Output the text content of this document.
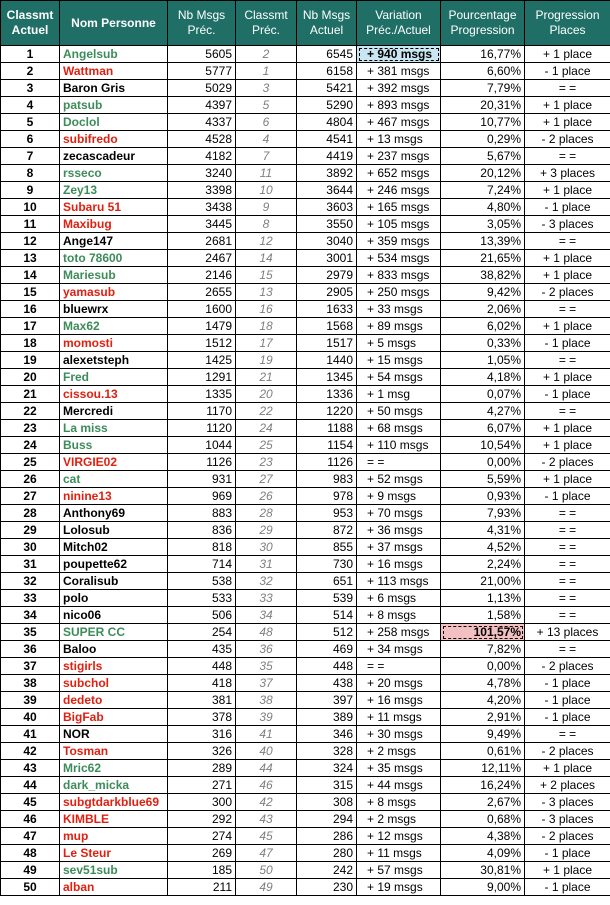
Classmt Actuel	Nom Personne	Nb Msgs Préc.	Classmt Préc.	Nb Msgs Actuel	Variation Préc./Actuel	Pourcentage Progression	Progression Places
1	Angelsub	5605	2	6545	+ 940 msgs	16,77%	+ 1 place
2	Wattman	5777	1	6158	+ 381 msgs	6,60%	- 1 place
3	Baron Gris	5029	3	5421	+ 392 msgs	7,79%	= =
4	patsub	4397	5	5290	+ 893 msgs	20,31%	+ 1 place
5	Doclol	4337	6	4804	+ 467 msgs	10,77%	+ 1 place
6	subifredo	4528	4	4541	+ 13 msgs	0,29%	- 2 places
7	zecascadeur	4182	7	4419	+ 237 msgs	5,67%	= =
8	rsseco	3240	11	3892	+ 652 msgs	20,12%	+ 3 places
9	Zey13	3398	10	3644	+ 246 msgs	7,24%	+ 1 place
10	Subaru 51	3438	9	3603	+ 165 msgs	4,80%	- 1 place
11	Maxibug	3445	8	3550	+ 105 msgs	3,05%	- 3 places
12	Ange147	2681	12	3040	+ 359 msgs	13,39%	= =
13	toto 78600	2467	14	3001	+ 534 msgs	21,65%	+ 1 place
14	Mariesub	2146	15	2979	+ 833 msgs	38,82%	+ 1 place
15	yamasub	2655	13	2905	+ 250 msgs	9,42%	- 2 places
16	bluewrx	1600	16	1633	+ 33 msgs	2,06%	= =
17	Max62	1479	18	1568	+ 89 msgs	6,02%	+ 1 place
18	momosti	1512	17	1517	+ 5 msgs	0,33%	- 1 place
19	alexetsteph	1425	19	1440	+ 15 msgs	1,05%	= =
20	Fred	1291	21	1345	+ 54 msgs	4,18%	+ 1 place
21	cissou.13	1335	20	1336	+ 1 msg	0,07%	- 1 place
22	Mercredi	1170	22	1220	+ 50 msgs	4,27%	= =
23	La miss	1120	24	1188	+ 68 msgs	6,07%	+ 1 place
24	Buss	1044	25	1154	+ 110 msgs	10,54%	+ 1 place
25	VIRGIE02	1126	23	1126	= =	0,00%	- 2 places
26	cat	931	27	983	+ 52 msgs	5,59%	+ 1 place
27	ninine13	969	26	978	+ 9 msgs	0,93%	- 1 place
28	Anthony69	883	28	953	+ 70 msgs	7,93%	= =
29	Lolosub	836	29	872	+ 36 msgs	4,31%	= =
30	Mitch02	818	30	855	+ 37 msgs	4,52%	= =
31	poupette62	714	31	730	+ 16 msgs	2,24%	= =
32	Coralisub	538	32	651	+ 113 msgs	21,00%	= =
33	polo	533	33	539	+ 6 msgs	1,13%	= =
34	nico06	506	34	514	+ 8 msgs	1,58%	= =
35	SUPER CC	254	48	512	+ 258 msgs	101,57%	+ 13 places
36	Baloo	435	36	469	+ 34 msgs	7,82%	= =
37	stigirls	448	35	448	= =	0,00%	- 2 places
38	subchol	418	37	438	+ 20 msgs	4,78%	- 1 place
39	dedeto	381	38	397	+ 16 msgs	4,20%	- 1 place
40	BigFab	378	39	389	+ 11 msgs	2,91%	- 1 place
41	NOR	316	41	346	+ 30 msgs	9,49%	= =
42	Tosman	326	40	328	+ 2 msgs	0,61%	- 2 places
43	Mric62	289	44	324	+ 35 msgs	12,11%	+ 1 place
44	dark_micka	271	46	315	+ 44 msgs	16,24%	+ 2 places
45	subgtdarkblue69	300	42	308	+ 8 msgs	2,67%	- 3 places
46	KIMBLE	292	43	294	+ 2 msgs	0,68%	- 3 places
47	mup	274	45	286	+ 12 msgs	4,38%	- 2 places
48	Le Steur	269	47	280	+ 11 msgs	4,09%	- 1 place
49	sev51sub	185	50	242	+ 57 msgs	30,81%	+ 1 place
50	alban	211	49	230	+ 19 msgs	9,00%	- 1 place
